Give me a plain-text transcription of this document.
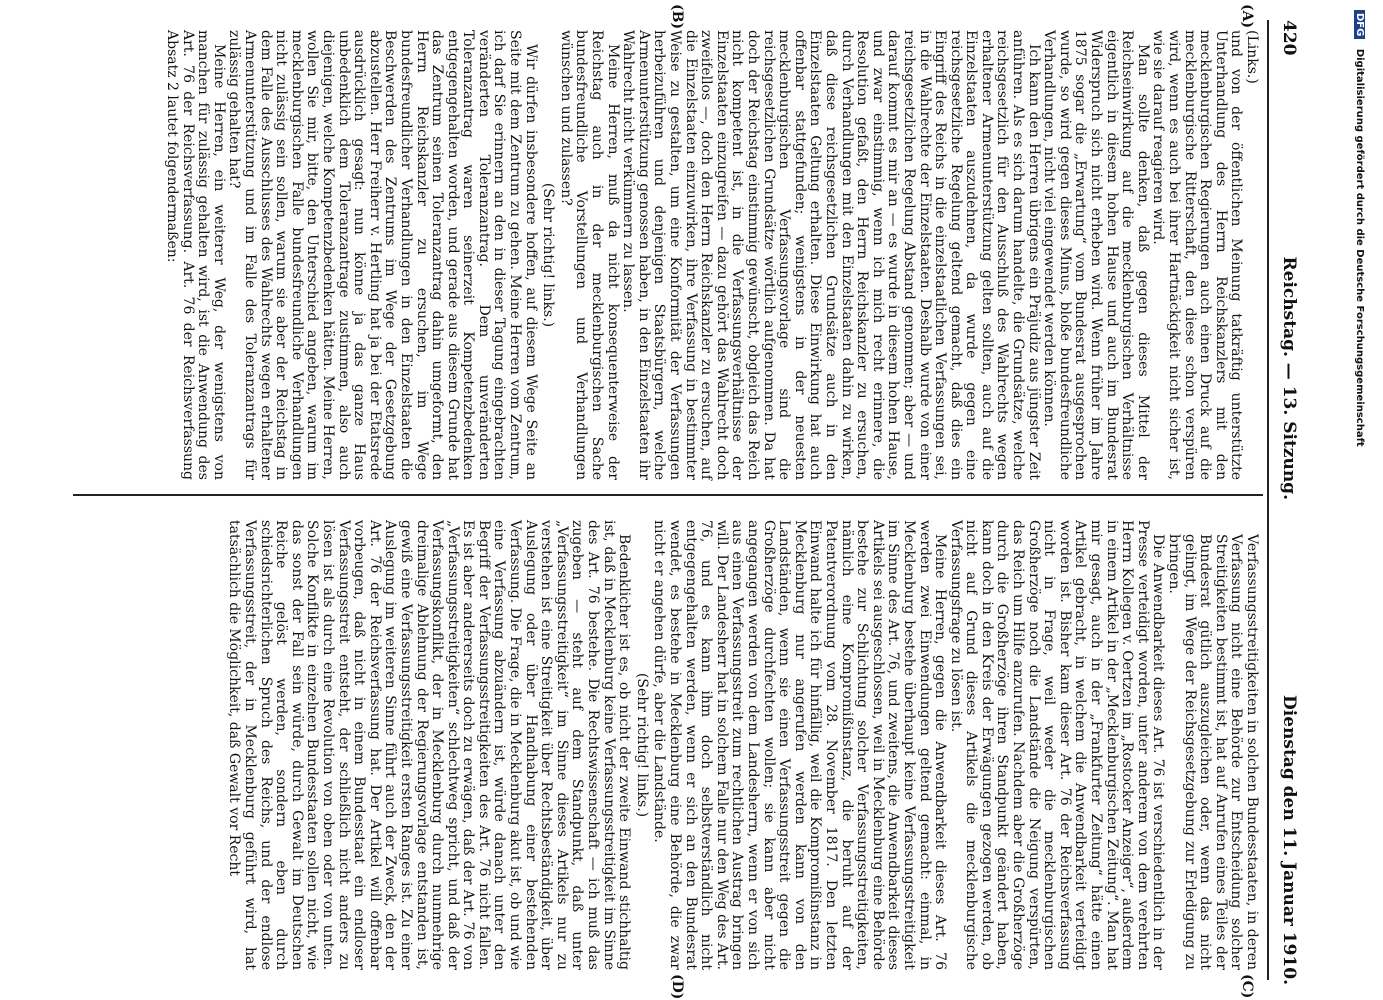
420
Reichstag. — 13. Sitzung.
Dienstag den 11. Januar 1910.
(A)
(B)
(C)
(D)

(Links.)

und von der öffentlichen Meinung tatkräftig unterstützte Unterhandlung des Herrn Reichskanzlers mit den mecklenburgischen Regierungen auch einen Druck auf die mecklenburgische Ritterschaft, den diese schon verspüren wird, wenn es auch bei ihrer Hartnäckigkeit nicht sicher ist, wie sie darauf reagieren wird.

Man sollte denken, daß gegen dieses Mittel der Reichseinwirkung auf die mecklenburgischen Verhältnisse eigentlich in diesem hohen Hause und auch im Bundesrat Widerspruch sich nicht erheben wird. Wenn früher im Jahre 1875 sogar die „Erwartung“ vom Bundesrat ausgesprochen wurde, so wird gegen dieses Minus, bloße bundesfreundliche Verhandlungen, nicht viel eingewendet werden können.

Ich kann den Herren übrigens ein Präjudiz aus jüngster Zeit anführen. Als es sich darum handelte, die Grundsätze, welche reichsgesetzlich für den Ausschluß des Wahlrechts wegen erhaltener Armenunterstützung gelten sollten, auch auf die Einzelstaaten auszudehnen, da wurde gegen eine reichsgesetzliche Regelung geltend gemacht, daß dies ein Eingriff des Reichs in die einzelstaatlichen Verfassungen sei, in die Wahlrechte der Einzelstaaten. Deshalb wurde von einer reichsgesetzlichen Regelung Abstand genommen; aber — und darauf kommt es mir an — es wurde in diesem hohen Hause, und zwar einstimmig, wenn ich mich recht erinnere, die Resolution gefaßt, den Herrn Reichskanzler zu ersuchen, durch Verhandlungen mit den Einzelstaaten dahin zu wirken, daß diese reichsgesetzlichen Grundsätze auch in den Einzelstaaten Geltung erhalten. Diese Einwirkung hat auch offenbar stattgefunden; wenigstens in der neuesten mecklenburgischen Verfassungsvorlage sind die reichsgesetzlichen Grundsätze wörtlich aufgenommen. Da hat doch der Reichstag einstimmig gewünscht, obgleich das Reich nicht kompetent ist, in die Verfassungsverhältnisse der Einzelstaaten einzugreifen — dazu gehört das Wahlrecht doch zweifellos —, doch den Herrn Reichskanzler zu ersuchen, auf die Einzelstaaten einzuwirken, ihre Verfassung in bestimmter Weise zu gestalten, um eine Konformität der Verfassungen herbeizuführen und denjenigen Staatsbürgern, welche Armenunterstützung genossen haben, in den Einzelstaaten ihr Wahlrecht nicht verkümmern zu lassen.

Meine Herren, muß da nicht konsequenterweise der Reichstag auch in der mecklenburgischen Sache bundesfreundliche Vorstellungen und Verhandlungen wünschen und zulassen?

(Sehr richtig! links.)

Wir dürfen insbesondere hoffen, auf diesem Wege Seite an Seite mit dem Zentrum zu gehen. Meine Herren vom Zentrum, ich darf Sie erinnern an den in dieser Tagung eingebrachten veränderten Toleranzantrag. Dem unveränderten Toleranzantrag waren seinerzeit Kompetenzbedenken entgegengehalten worden, und gerade aus diesem Grunde hat das Zentrum seinen Toleranzantrag dahin umgeformt, den Herrn Reichskanzler zu ersuchen, im Wege bundesfreundlicher Verhandlungen in den Einzelstaaten die Beschwerden des Zentrums im Wege der Gesetzgebung abzustellen. Herr Freiherr v. Hertling hat ja bei der Etatsrede ausdrücklich gesagt: nun könne ja das ganze Haus unbedenklich dem Toleranzantrage zustimmen, also auch diejenigen, welche Kompetenzbedenken hätten. Meine Herren, wollen Sie mir, bitte, den Unterschied angeben, warum im mecklenburgischen Falle bundesfreundliche Verhandlungen nicht zulässig sein sollen, warum sie aber der Reichstag in dem Falle des Ausschlusses des Wahlrechts wegen erhaltener Armenunterstützung und im Falle des Toleranzantrags für zulässig gehalten hat?

Meine Herren, ein weiterer Weg, der wenigstens von manchen für zulässig gehalten wird, ist die Anwendung des Art. 76 der Reichsverfassung. Art. 76 der Reichsverfassung Absatz 2 lautet folgendermaßen:

Verfassungsstreitigkeiten in solchen Bundesstaaten, in deren Verfassung nicht eine Behörde zur Entscheidung solcher Streitigkeiten bestimmt ist, hat auf Anrufen eines Teiles der Bundesrat gütlich auszugleichen oder, wenn das nicht gelingt, im Wege der Reichsgesetzgebung zur Erledigung zu bringen.

Die Anwendbarkeit dieses Art. 76 ist verschiedentlich in der Presse verteidigt worden, unter anderem von dem verehrten Herrn Kollegen v. Oertzen im „Rostocker Anzeiger“, außerdem in einem Artikel in der „Mecklenburgischen Zeitung“. Man hat mir gesagt, auch in der „Frankfurter Zeitung“ hätte einen Artikel gebracht, in welchem die Anwendbarkeit verteidigt worden ist. Bisher kam dieser Art. 76 der Reichsverfassung nicht in Frage, weil weder die mecklenburgischen Großherzöge noch die Landstände die Neigung verspürten, das Reich um Hilfe anzurufen. Nachdem aber die Großherzöge durch die Großherzöge ihren Standpunkt geändert haben, kann doch in den Kreis der Erwägungen gezogen werden, ob nicht auf Grund dieses Artikels die mecklenburgische Verfassungsfrage zu lösen ist.

Meine Herren, gegen die Anwendbarkeit dieses Art. 76 werden zwei Einwendungen geltend gemacht: einmal, in Mecklenburg bestehe überhaupt keine Verfassungsstreitigkeit im Sinne des Art. 76, und zweitens, die Anwendbarkeit dieses Artikels sei ausgeschlossen, weil in Mecklenburg eine Behörde bestehe zur Schlichtung solcher Verfassungsstreitigkeiten, nämlich eine Kompromißinstanz, die beruht auf der Patentverordnung vom 28. November 1817. Den letzten Einwand halte ich für hinfällig, weil die Kompromißinstanz in Mecklenburg nur angerufen werden kann von den Landständen, wenn sie einen Verfassungsstreit gegen die Großherzöge durchfechten wollen; sie kann aber nicht angegangen werden von dem Landesherrn, wenn er von sich aus einen Verfassungsstreit zum rechtlichen Austrag bringen will. Der Landesherr hat in solchem Falle nur den Weg des Art. 76, und es kann ihm doch selbstverständlich nicht entgegengehalten werden, wenn er sich an den Bundesrat wendet, es bestehe in Mecklenburg eine Behörde, die zwar nicht er angehen dürfe, aber die Landstände.

(Sehr richtig! links.)

Bedenklicher ist es, ob nicht der zweite Einwand stichhaltig ist, daß in Mecklenburg keine Verfassungsstreitigkeit im Sinne des Art. 76 bestehe. Die Rechtswissenschaft — ich muß das zugeben — steht auf dem Standpunkt, daß unter „Verfassungsstreitigkeit“ im Sinne dieses Artikels nur zu verstehen ist eine Streitigkeit über Rechtsbeständigkeit, über Auslegung oder über Handhabung einer bestehenden Verfassung. Die Frage, die in Mecklenburg akut ist, ob und wie eine Verfassung abzuändern ist, würde danach unter den Begriff der Verfassungsstreitigkeiten des Art. 76 nicht fallen. Es ist aber andererseits doch zu erwägen, daß der Art. 76 von „Verfassungsstreitigkeiten“ schlechtweg spricht, und daß der Verfassungskonflikt, der in Mecklenburg durch nunmehrige dreimalige Ablehnung der Regierungsvorlage entstanden ist, gewiß eine Verfassungsstreitigkeit ersten Ranges ist. Zu einer Auslegung im weiteren Sinne führt auch der Zweck, den der Art. 76 der Reichsverfassung hat. Der Artikel will offenbar vorbeugen, daß nicht in einem Bundesstaat ein endloser Verfassungsstreit entsteht, der schließlich nicht anders zu lösen ist als durch eine Revolution von oben oder von unten. Solche Konflikte in einzelnen Bundesstaaten sollen nicht, wie das sonst der Fall sein würde, durch Gewalt im Deutschen Reiche gelöst werden, sondern eben durch schiedsrichterlichen Spruch des Reichs, und der endlose Verfassungsstreit, der in Mecklenburg geführt wird, hat tatsächlich die Möglichkeit, daß Gewalt vor Recht

DFG Digitalisierung gefördert durch die Deutsche Forschungsgemeinschaft
